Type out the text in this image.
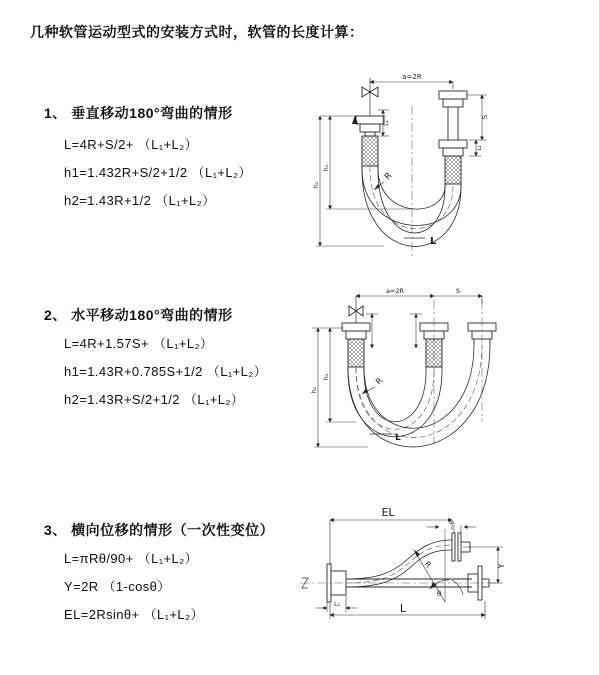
几种软管运动型式的安装方式时，软管的长度计算：
1、 垂直移动180°弯曲的情形
L=4R+S/2+ （L₁+L₂）
h1=1.432R+S/2+1/2 （L₁+L₂）
h2=1.43R+1/2 （L₁+L₂）
2、 水平移动180°弯曲的情形
L=4R+1.57S+ （L₁+L₂）
h1=1.43R+0.785S+1/2 （L₁+L₂）
h2=1.43R+S/2+1/2 （L₁+L₂）
3、 横向位移的情形（一次性变位）
L=πRθ/90+ （L₁+L₂）
Y=2R （1-cosθ）
EL=2Rsinθ+ （L₁+L₂）
a=2R
L₁
S
L₂
h₁
h₂
R
L
a=2R	S
h₁
h₂
R
L
EL
L₁
Y
R
θ
L
L₂
